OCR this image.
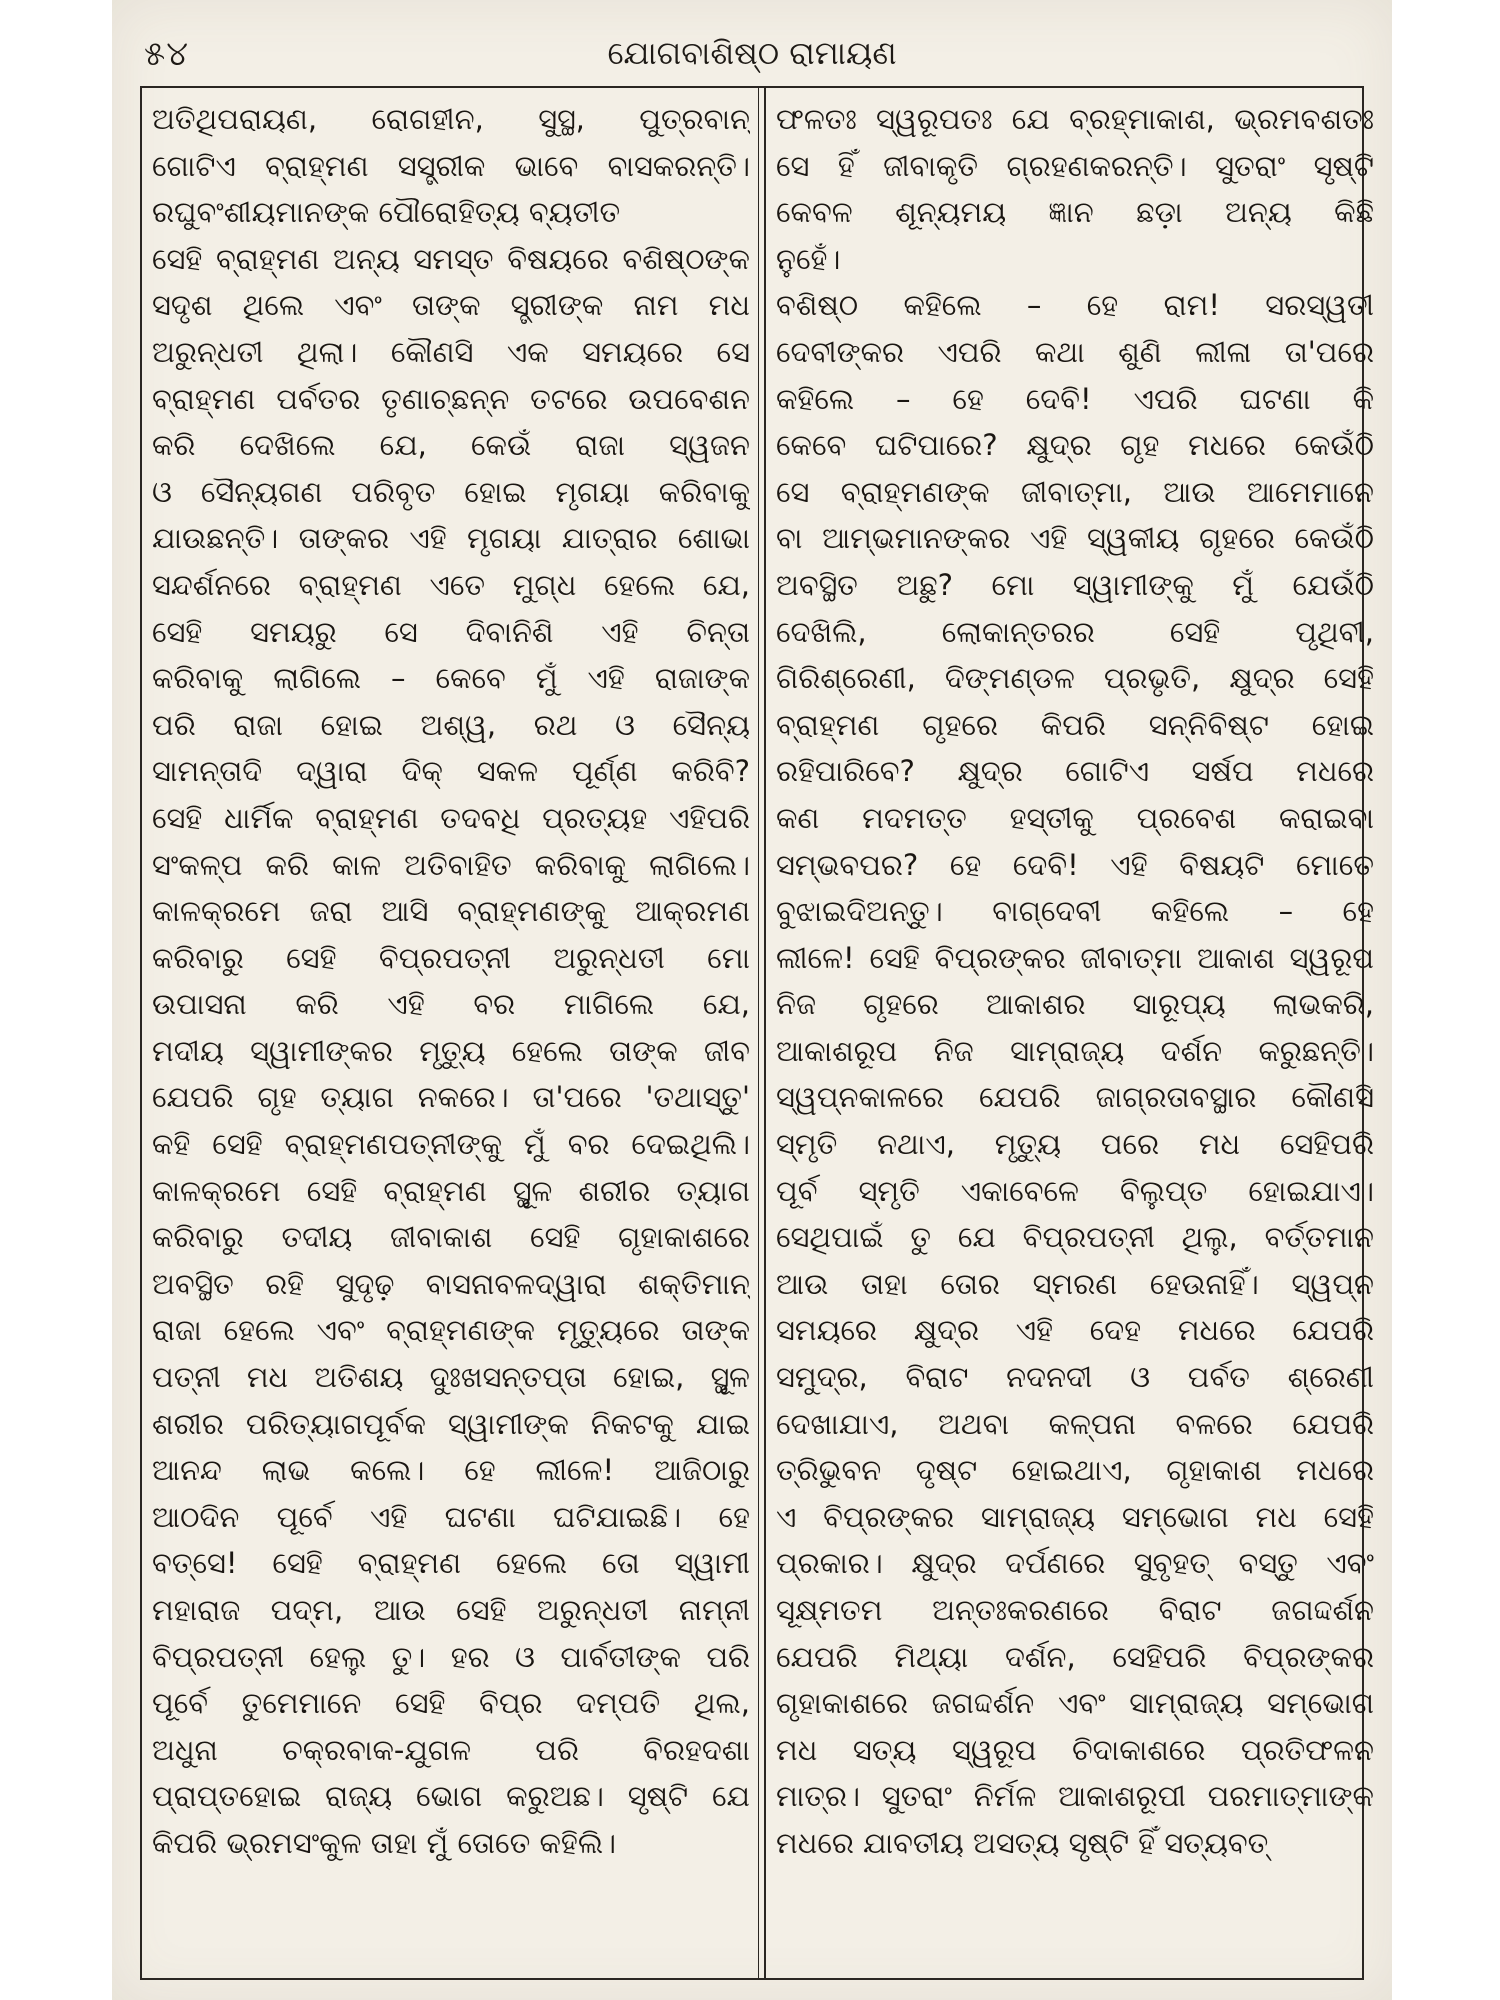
୫୪	ଯୋଗବାଶିଷ୍ଠ ରାମାୟଣ
ଅତିଥିପରାୟଣ, ରୋଗହୀନ, ସୁସ୍ଥ, ପୁତ୍ରବାନ୍
ଗୋଟିଏ ବ୍ରାହ୍ମଣ ସସ୍ତ୍ରୀକ ଭାବେ ବାସକରନ୍ତି।
ରଘୁବଂଶୀୟମାନଙ୍କ ପୌରୋହିତ୍ୟ ବ୍ୟତୀତ
ସେହି ବ୍ରାହ୍ମଣ ଅନ୍ୟ ସମସ୍ତ ବିଷୟରେ ବଶିଷ୍ଠଙ୍କ
ସଦୃଶ ଥିଲେ ଏବଂ ତାଙ୍କ ସ୍ତ୍ରୀଙ୍କ ନାମ ମଧ
ଅରୁନ୍ଧତୀ ଥିଲା। କୌଣସି ଏକ ସମୟରେ ସେ
ବ୍ରାହ୍ମଣ ପର୍ବତର ତୃଣାଚ୍ଛନ୍ନ ତଟରେ ଉପବେଶନ
କରି ଦେଖିଲେ ଯେ, କେଉଁ ରାଜା ସ୍ୱଜନ
ଓ ସୈନ୍ୟଗଣ ପରିବୃତ ହୋଇ ମୃଗୟା କରିବାକୁ
ଯାଉଛନ୍ତି। ତାଙ୍କର ଏହି ମୃଗୟା ଯାତ୍ରାର ଶୋଭା
ସନ୍ଦର୍ଶନରେ ବ୍ରାହ୍ମଣ ଏତେ ମୁଗ୍ଧ ହେଲେ ଯେ,
ସେହି ସମୟରୁ ସେ ଦିବାନିଶି ଏହି ଚିନ୍ତା
କରିବାକୁ ଲାଗିଲେ – କେବେ ମୁଁ ଏହି ରାଜାଙ୍କ
ପରି ରାଜା ହୋଇ ଅଶ୍ୱ, ରଥ ଓ ସୈନ୍ୟ
ସାମନ୍ତାଦି ଦ୍ୱାରା ଦିକ୍ ସକଳ ପୂର୍ଣ୍ଣ କରିବି?
ସେହି ଧାର୍ମିକ ବ୍ରାହ୍ମଣ ତଦବଧି ପ୍ରତ୍ୟହ ଏହିପରି
ସଂକଳ୍ପ କରି କାଳ ଅତିବାହିତ କରିବାକୁ ଲାଗିଲେ।
କାଳକ୍ରମେ ଜରା ଆସି ବ୍ରାହ୍ମଣଙ୍କୁ ଆକ୍ରମଣ
କରିବାରୁ ସେହି ବିପ୍ରପତ୍ନୀ ଅରୁନ୍ଧତୀ ମୋ
ଉପାସନା କରି ଏହି ବର ମାଗିଲେ ଯେ,
ମଦୀୟ ସ୍ୱାମୀଙ୍କର ମୃତ୍ୟୁ ହେଲେ ତାଙ୍କ ଜୀବ
ଯେପରି ଗୃହ ତ୍ୟାଗ ନକରେ। ତା'ପରେ 'ତଥାସ୍ତୁ'
କହି ସେହି ବ୍ରାହ୍ମଣପତ୍ନୀଙ୍କୁ ମୁଁ ବର ଦେଇଥିଲି।
କାଳକ୍ରମେ ସେହି ବ୍ରାହ୍ମଣ ସ୍ଥୂଳ ଶରୀର ତ୍ୟାଗ
କରିବାରୁ ତଦୀୟ ଜୀବାକାଶ ସେହି ଗୃହାକାଶରେ
ଅବସ୍ଥିତ ରହି ସୁଦୃଢ଼ ବାସନାବଳଦ୍ୱାରା ଶକ୍ତିମାନ୍
ରାଜା ହେଲେ ଏବଂ ବ୍ରାହ୍ମଣଙ୍କ ମୃତ୍ୟୁରେ ତାଙ୍କ
ପତ୍ନୀ ମଧ ଅତିଶୟ ଦୁଃଖସନ୍ତପ୍ତା ହୋଇ, ସ୍ଥୂଳ
ଶରୀର ପରିତ୍ୟାଗପୂର୍ବକ ସ୍ୱାମୀଙ୍କ ନିକଟକୁ ଯାଇ
ଆନନ୍ଦ ଲାଭ କଲେ। ହେ ଲୀଳେ! ଆଜିଠାରୁ
ଆଠଦିନ ପୂର୍ବେ ଏହି ଘଟଣା ଘଟିଯାଇଛି। ହେ
ବତ୍ସେ! ସେହି ବ୍ରାହ୍ମଣ ହେଲେ ତୋ ସ୍ୱାମୀ
ମହାରାଜ ପଦ୍ମ, ଆଉ ସେହି ଅରୁନ୍ଧତୀ ନାମ୍ନୀ
ବିପ୍ରପତ୍ନୀ ହେଲୁ ତୁ। ହର ଓ ପାର୍ବତୀଙ୍କ ପରି
ପୂର୍ବେ ତୁମେମାନେ ସେହି ବିପ୍ର ଦମ୍ପତି ଥିଲ,
ଅଧୁନା ଚକ୍ରବାକ-ଯୁଗଳ ପରି ବିରହଦଶା
ପ୍ରାପ୍ତହୋଇ ରାଜ୍ୟ ଭୋଗ କରୁଅଛ। ସୃଷ୍ଟି ଯେ
କିପରି ଭ୍ରମସଂକୁଳ ତାହା ମୁଁ ତୋତେ କହିଲି।
ଫଳତଃ ସ୍ୱରୂପତଃ ଯେ ବ୍ରହ୍ମାକାଶ, ଭ୍ରମବଶତଃ
ସେ ହିଁ ଜୀବାକୃତି ଗ୍ରହଣକରନ୍ତି। ସୁତରାଂ ସୃଷ୍ଟି
କେବଳ ଶୂନ୍ୟମୟ ଜ୍ଞାନ ଛଡ଼ା ଅନ୍ୟ କିଛି
ନୁହେଁ।
ବଶିଷ୍ଠ କହିଲେ – ହେ ରାମ! ସରସ୍ୱତୀ
ଦେବୀଙ୍କର ଏପରି କଥା ଶୁଣି ଲୀଳା ତା'ପରେ
କହିଲେ – ହେ ଦେବି! ଏପରି ଘଟଣା କି
କେବେ ଘଟିପାରେ? କ୍ଷୁଦ୍ର ଗୃହ ମଧରେ କେଉଁଠି
ସେ ବ୍ରାହ୍ମଣଙ୍କ ଜୀବାତ୍ମା, ଆଉ ଆମେମାନେ
ବା ଆମ୍ଭମାନଙ୍କର ଏହି ସ୍ୱକୀୟ ଗୃହରେ କେଉଁଠି
ଅବସ୍ଥିତ ଅଛୁ? ମୋ ସ୍ୱାମୀଙ୍କୁ ମୁଁ ଯେଉଁଠି
ଦେଖିଲି, ଲୋକାନ୍ତରର ସେହି ପୃଥିବୀ,
ଗିରିଶ୍ରେଣୀ, ଦିଙ୍ମଣ୍ଡଳ ପ୍ରଭୃତି, କ୍ଷୁଦ୍ର ସେହି
ବ୍ରାହ୍ମଣ ଗୃହରେ କିପରି ସନ୍ନିବିଷ୍ଟ ହୋଇ
ରହିପାରିବେ? କ୍ଷୁଦ୍ର ଗୋଟିଏ ସର୍ଷପ ମଧରେ
କଣ ମଦମତ୍ତ ହସ୍ତୀକୁ ପ୍ରବେଶ କରାଇବା
ସମ୍ଭବପର? ହେ ଦେବି! ଏହି ବିଷୟଟି ମୋତେ
ବୁଝାଇଦିଅନ୍ତୁ। ବାଗ୍‌ଦେବୀ କହିଲେ – ହେ
ଲୀଳେ! ସେହି ବିପ୍ରଙ୍କର ଜୀବାତ୍ମା ଆକାଶ ସ୍ୱରୂପ
ନିଜ ଗୃହରେ ଆକାଶର ସାରୂପ୍ୟ ଲାଭକରି,
ଆକାଶରୂପ ନିଜ ସାମ୍ରାଜ୍ୟ ଦର୍ଶନ କରୁଛନ୍ତି।
ସ୍ୱପ୍ନକାଳରେ ଯେପରି ଜାଗ୍ରତାବସ୍ଥାର କୌଣସି
ସ୍ମୃତି ନଥାଏ, ମୃତ୍ୟୁ ପରେ ମଧ ସେହିପରି
ପୂର୍ବ ସ୍ମୃତି ଏକାବେଳେ ବିଲୁପ୍ତ ହୋଇଯାଏ।
ସେଥିପାଇଁ ତୁ ଯେ ବିପ୍ରପତ୍ନୀ ଥିଲୁ, ବର୍ତ୍ତମାନ
ଆଉ ତାହା ତୋର ସ୍ମରଣ ହେଉନାହିଁ। ସ୍ୱପ୍ନ
ସମୟରେ କ୍ଷୁଦ୍ର ଏହି ଦେହ ମଧରେ ଯେପରି
ସମୁଦ୍ର, ବିରାଟ ନଦନଦୀ ଓ ପର୍ବତ ଶ୍ରେଣୀ
ଦେଖାଯାଏ, ଅଥବା କଳ୍ପନା ବଳରେ ଯେପରି
ତ୍ରିଭୁବନ ଦୃଷ୍ଟ ହୋଇଥାଏ, ଗୃହାକାଶ ମଧରେ
ଏ ବିପ୍ରଙ୍କର ସାମ୍ରାଜ୍ୟ ସମ୍ଭୋଗ ମଧ ସେହି
ପ୍ରକାର। କ୍ଷୁଦ୍ର ଦର୍ପଣରେ ସୁବୃହତ୍ ବସ୍ତୁ ଏବଂ
ସୂକ୍ଷ୍ମତମ ଅନ୍ତଃକରଣରେ ବିରାଟ ଜଗଦ୍ଦର୍ଶନ
ଯେପରି ମିଥ୍ୟା ଦର୍ଶନ, ସେହିପରି ବିପ୍ରଙ୍କର
ଗୃହାକାଶରେ ଜଗଦ୍ଦର୍ଶନ ଏବଂ ସାମ୍ରାଜ୍ୟ ସମ୍ଭୋଗ
ମଧ ସତ୍ୟ ସ୍ୱରୂପ ଚିଦାକାଶରେ ପ୍ରତିଫଳନ
ମାତ୍ର। ସୁତରାଂ ନିର୍ମଳ ଆକାଶରୂପୀ ପରମାତ୍ମାଙ୍କ
ମଧରେ ଯାବତୀୟ ଅସତ୍ୟ ସୃଷ୍ଟି ହିଁ ସତ୍ୟବତ୍
